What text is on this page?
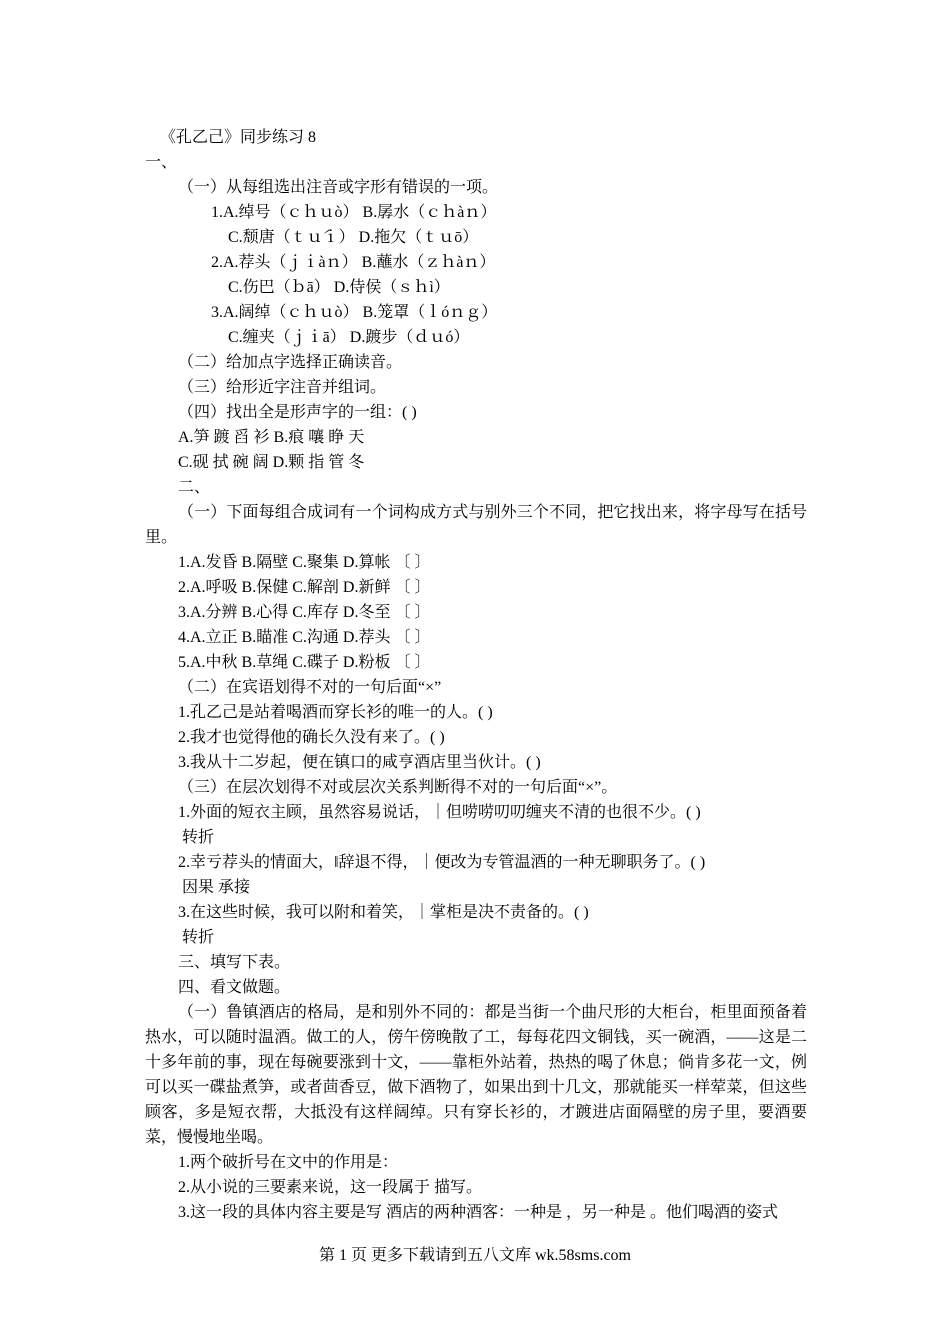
《孔乙己》同步练习 8
一、
（一）从每组选出注音或字形有错误的一项。
1.A.绰号（ｃｈｕò） B.孱水（ｃｈàｎ）
C.颓唐（ｔｕ́ｉ） D.拖欠（ｔｕō）
2.A.荐头（ｊｉàｎ） B.蘸水（ｚｈàｎ）
C.伤巴（ｂā） D.侍侯（ｓｈì）
3.A.阔绰（ｃｈｕò） B.笼罩（ｌóｎｇ）
C.缠夹（ｊｉā） D.踱步（ｄｕó）
（二）给加点字选择正确读音。
（三）给形近字注音并组词。
（四）找出全是形声字的一组：( )
A.笋 踱 舀 衫 B.痕 嚷 睁 天
C.砚 拭 碗 阔 D.颗 指 管 冬
二、
（一）下面每组合成词有一个词构成方式与别外三个不同，把它找出来，将字母写在括号里。
1.A.发昏 B.隔壁 C.聚集 D.算帐 〔 〕
2.A.呼吸 B.保健 C.解剖 D.新鲜 〔 〕
3.A.分辨 B.心得 C.库存 D.冬至 〔 〕
4.A.立正 B.瞄准 C.沟通 D.荐头 〔 〕
5.A.中秋 B.草绳 C.碟子 D.粉板 〔 〕
（二）在宾语划得不对的一句后面“×”
1.孔乙己是站着喝酒而穿长衫的唯一的人。( )
2.我才也觉得他的确长久没有来了。( )
3.我从十二岁起，便在镇口的咸亨酒店里当伙计。( )
（三）在层次划得不对或层次关系判断得不对的一句后面“×”。
1.外面的短衣主顾，虽然容易说话，｜但唠唠叨叨缠夹不清的也很不少。( )
转折
2.幸亏荐头的情面大，‖辞退不得，｜便改为专管温酒的一种无聊职务了。( )
因果 承接
3.在这些时候，我可以附和着笑，｜掌柜是决不责备的。( )
转折
三、填写下表。
四、看文做题。
（一）鲁镇酒店的格局，是和别外不同的：都是当街一个曲尺形的大柜台，柜里面预备着热水，可以随时温酒。做工的人，傍午傍晚散了工，每每花四文铜钱，买一碗酒，——这是二十多年前的事，现在每碗要涨到十文，——靠柜外站着，热热的喝了休息；倘肯多花一文，例可以买一碟盐煮笋，或者茴香豆，做下酒物了，如果出到十几文，那就能买一样荤菜，但这些顾客，多是短衣帮，大抵没有这样阔绰。只有穿长衫的，才踱进店面隔壁的房子里，要酒要菜，慢慢地坐喝。
1.两个破折号在文中的作用是：
2.从小说的三要素来说，这一段属于 描写。
3.这一段的具体内容主要是写 酒店的两种酒客：一种是 ，另一种是 。他们喝酒的姿式
第 1 页 更多下载请到五八文库 wk.58sms.com
